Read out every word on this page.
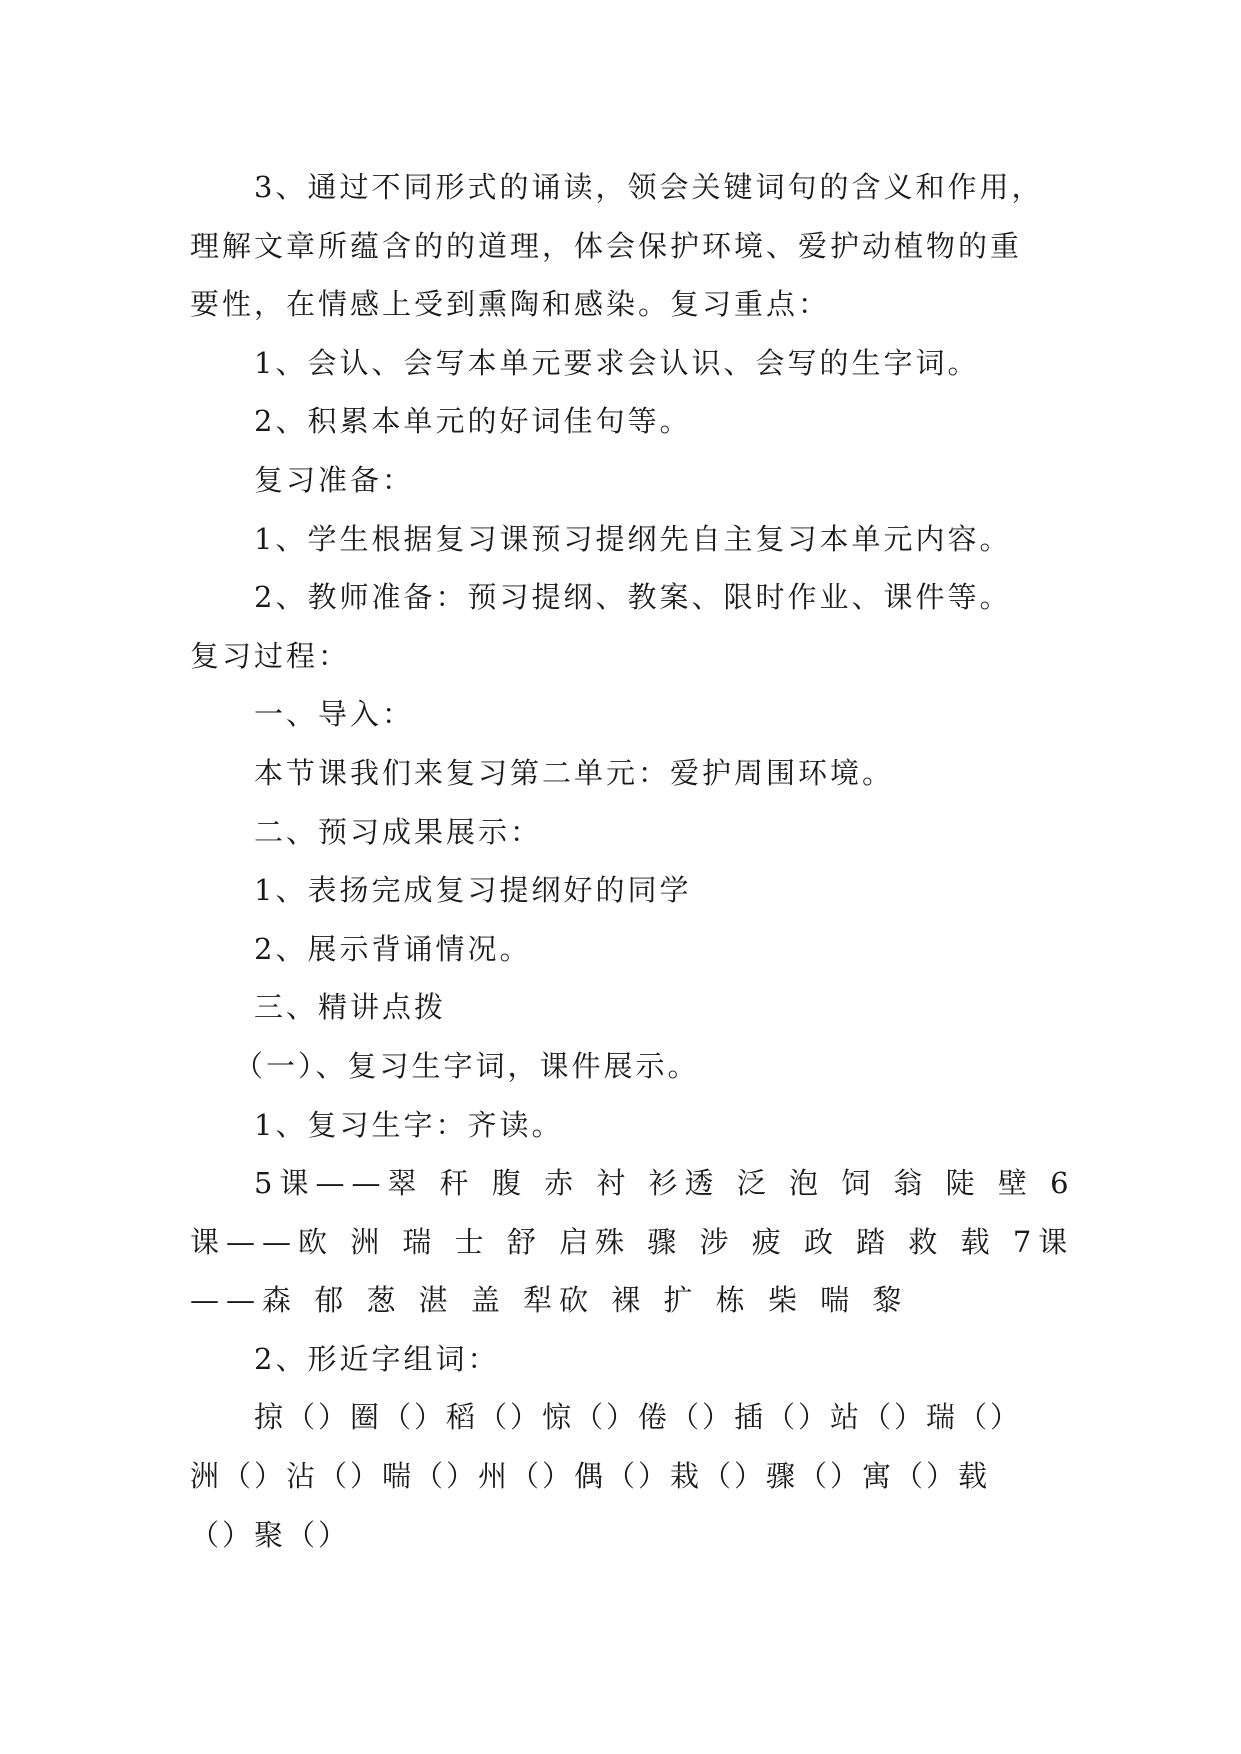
3、通过不同形式的诵读，领会关键词句的含义和作用，
理解文章所蕴含的的道理，体会保护环境、爱护动植物的重
要性，在情感上受到熏陶和感染。复习重点：
1、会认、会写本单元要求会认识、会写的生字词。
2、积累本单元的好词佳句等。
复习准备：
1、学生根据复习课预习提纲先自主复习本单元内容。
2、教师准备：预习提纲、教案、限时作业、课件等。
复习过程：
一、导入：
本节课我们来复习第二单元：爱护周围环境。
二、预习成果展示：
1、表扬完成复习提纲好的同学
2、展示背诵情况。
三、精讲点拨
（一）、复习生字词，课件展示。
1、复习生字：齐读。
5课——翠 秆 腹 赤 衬 衫透 泛 泡 饲 翁 陡 壁 6
课——欧 洲 瑞 士 舒 启殊 骤 涉 疲 政 踏 救 载 7课
——森 郁 葱 湛 盖 犁砍 裸 扩 栋 柴 喘 黎
2、形近字组词：
掠（）圈（）稻（）惊（）倦（）插（）站（）瑞（）
洲（）沾（）喘（）州（）偶（）栽（）骤（）寓（）载
（）聚（）
